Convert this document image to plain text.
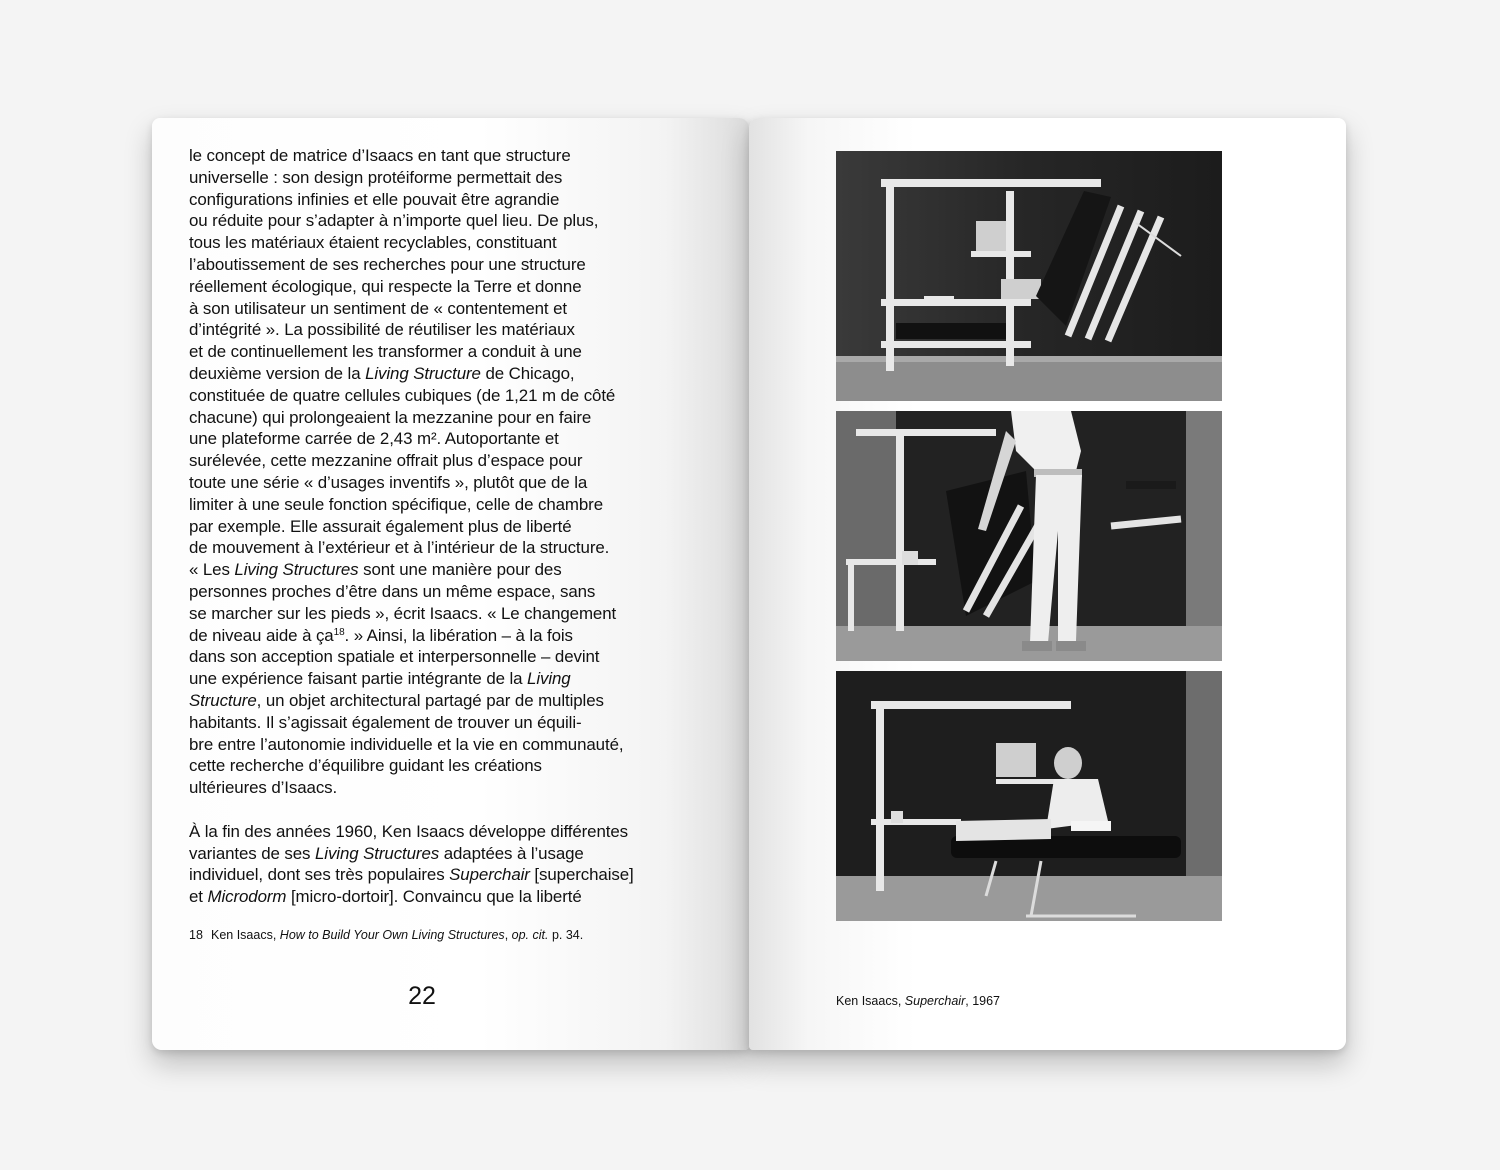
le concept de matrice d’Isaacs en tant que structure
universelle : son design protéiforme permettait des
configurations infinies et elle pouvait être agrandie
ou réduite pour s’adapter à n’importe quel lieu. De plus,
tous les matériaux étaient recyclables, constituant
l’aboutissement de ses recherches pour une structure
réellement écologique, qui respecte la Terre et donne
à son utilisateur un sentiment de « contentement et
d’intégrité ». La possibilité de réutiliser les matériaux
et de continuellement les transformer a conduit à une
deuxième version de la Living Structure de Chicago,
constituée de quatre cellules cubiques (de 1,21 m de côté
chacune) qui prolongeaient la mezzanine pour en faire
une plateforme carrée de 2,43 m². Autoportante et
surélevée, cette mezzanine offrait plus d’espace pour
toute une série « d’usages inventifs », plutôt que de la
limiter à une seule fonction spécifique, celle de chambre
par exemple. Elle assurait également plus de liberté
de mouvement à l’extérieur et à l’intérieur de la structure.
« Les Living Structures sont une manière pour des
personnes proches d’être dans un même espace, sans
se marcher sur les pieds », écrit Isaacs. « Le changement
de niveau aide à $ça^{18}$. » Ainsi, la libération – à la fois
dans son acception spatiale et interpersonnelle – devint
une expérience faisant partie intégrante de la Living
Structure, un objet architectural partagé par de multiples
habitants. Il s’agissait également de trouver un équili-
bre entre l’autonomie individuelle et la vie en communauté,
cette recherche d’équilibre guidant les créations
ultérieures d’Isaacs.
À la fin des années 1960, Ken Isaacs développe différentes
variantes de ses Living Structures adaptées à l’usage
individuel, dont ses très populaires Superchair [superchaise]
et Microdorm [micro-dortoir]. Convaincu que la liberté
18 Ken Isaacs, How to Build Your Own Living Structures, op. cit. p. 34.
22	Ken Isaacs, Superchair, 1967
